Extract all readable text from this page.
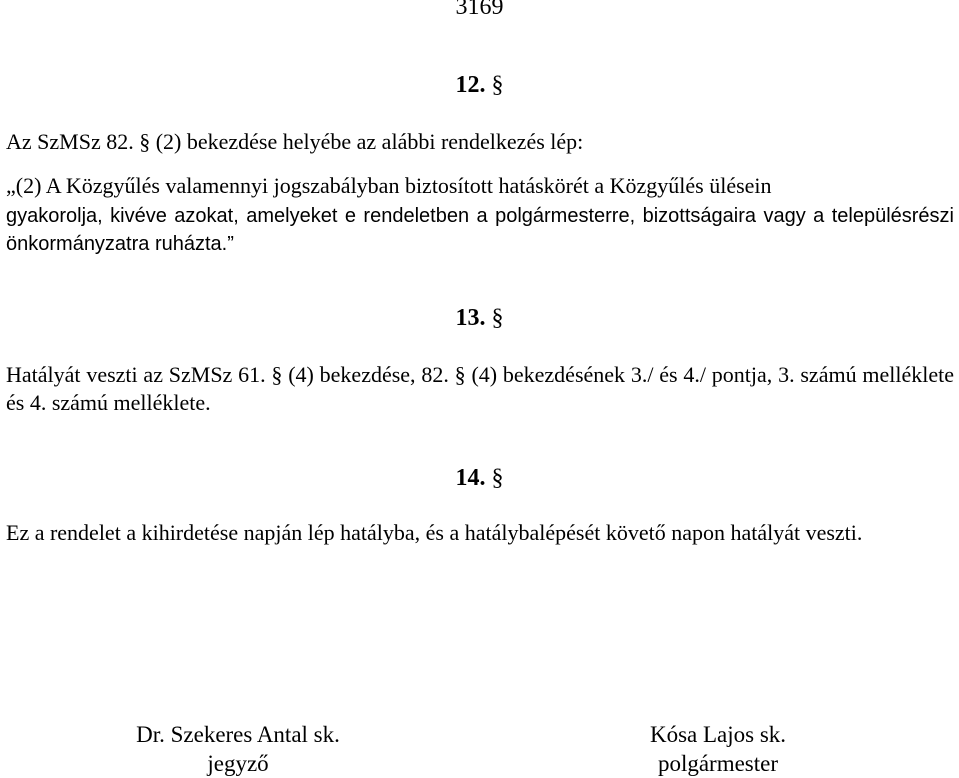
3169
12. §
Az SzMSz 82. § (2) bekezdése helyébe az alábbi rendelkezés lép:
„(2) A Közgyűlés valamennyi jogszabályban biztosított hatáskörét a Közgyűlés ülésein
gyakorolja, kivéve azokat, amelyeket e rendeletben a polgármesterre, bizottságaira vagy a településrészi önkormányzatra ruházta.”
13. §
Hatályát veszti az SzMSz 61. § (4) bekezdése, 82. § (4) bekezdésének 3./ és 4./ pontja, 3. számú melléklete és 4. számú melléklete.
14. §
Ez a rendelet a kihirdetése napján lép hatályba, és a hatálybalépését követő napon hatályát veszti.
Dr. Szekeres Antal sk.
jegyző
Kósa Lajos sk.
polgármester
